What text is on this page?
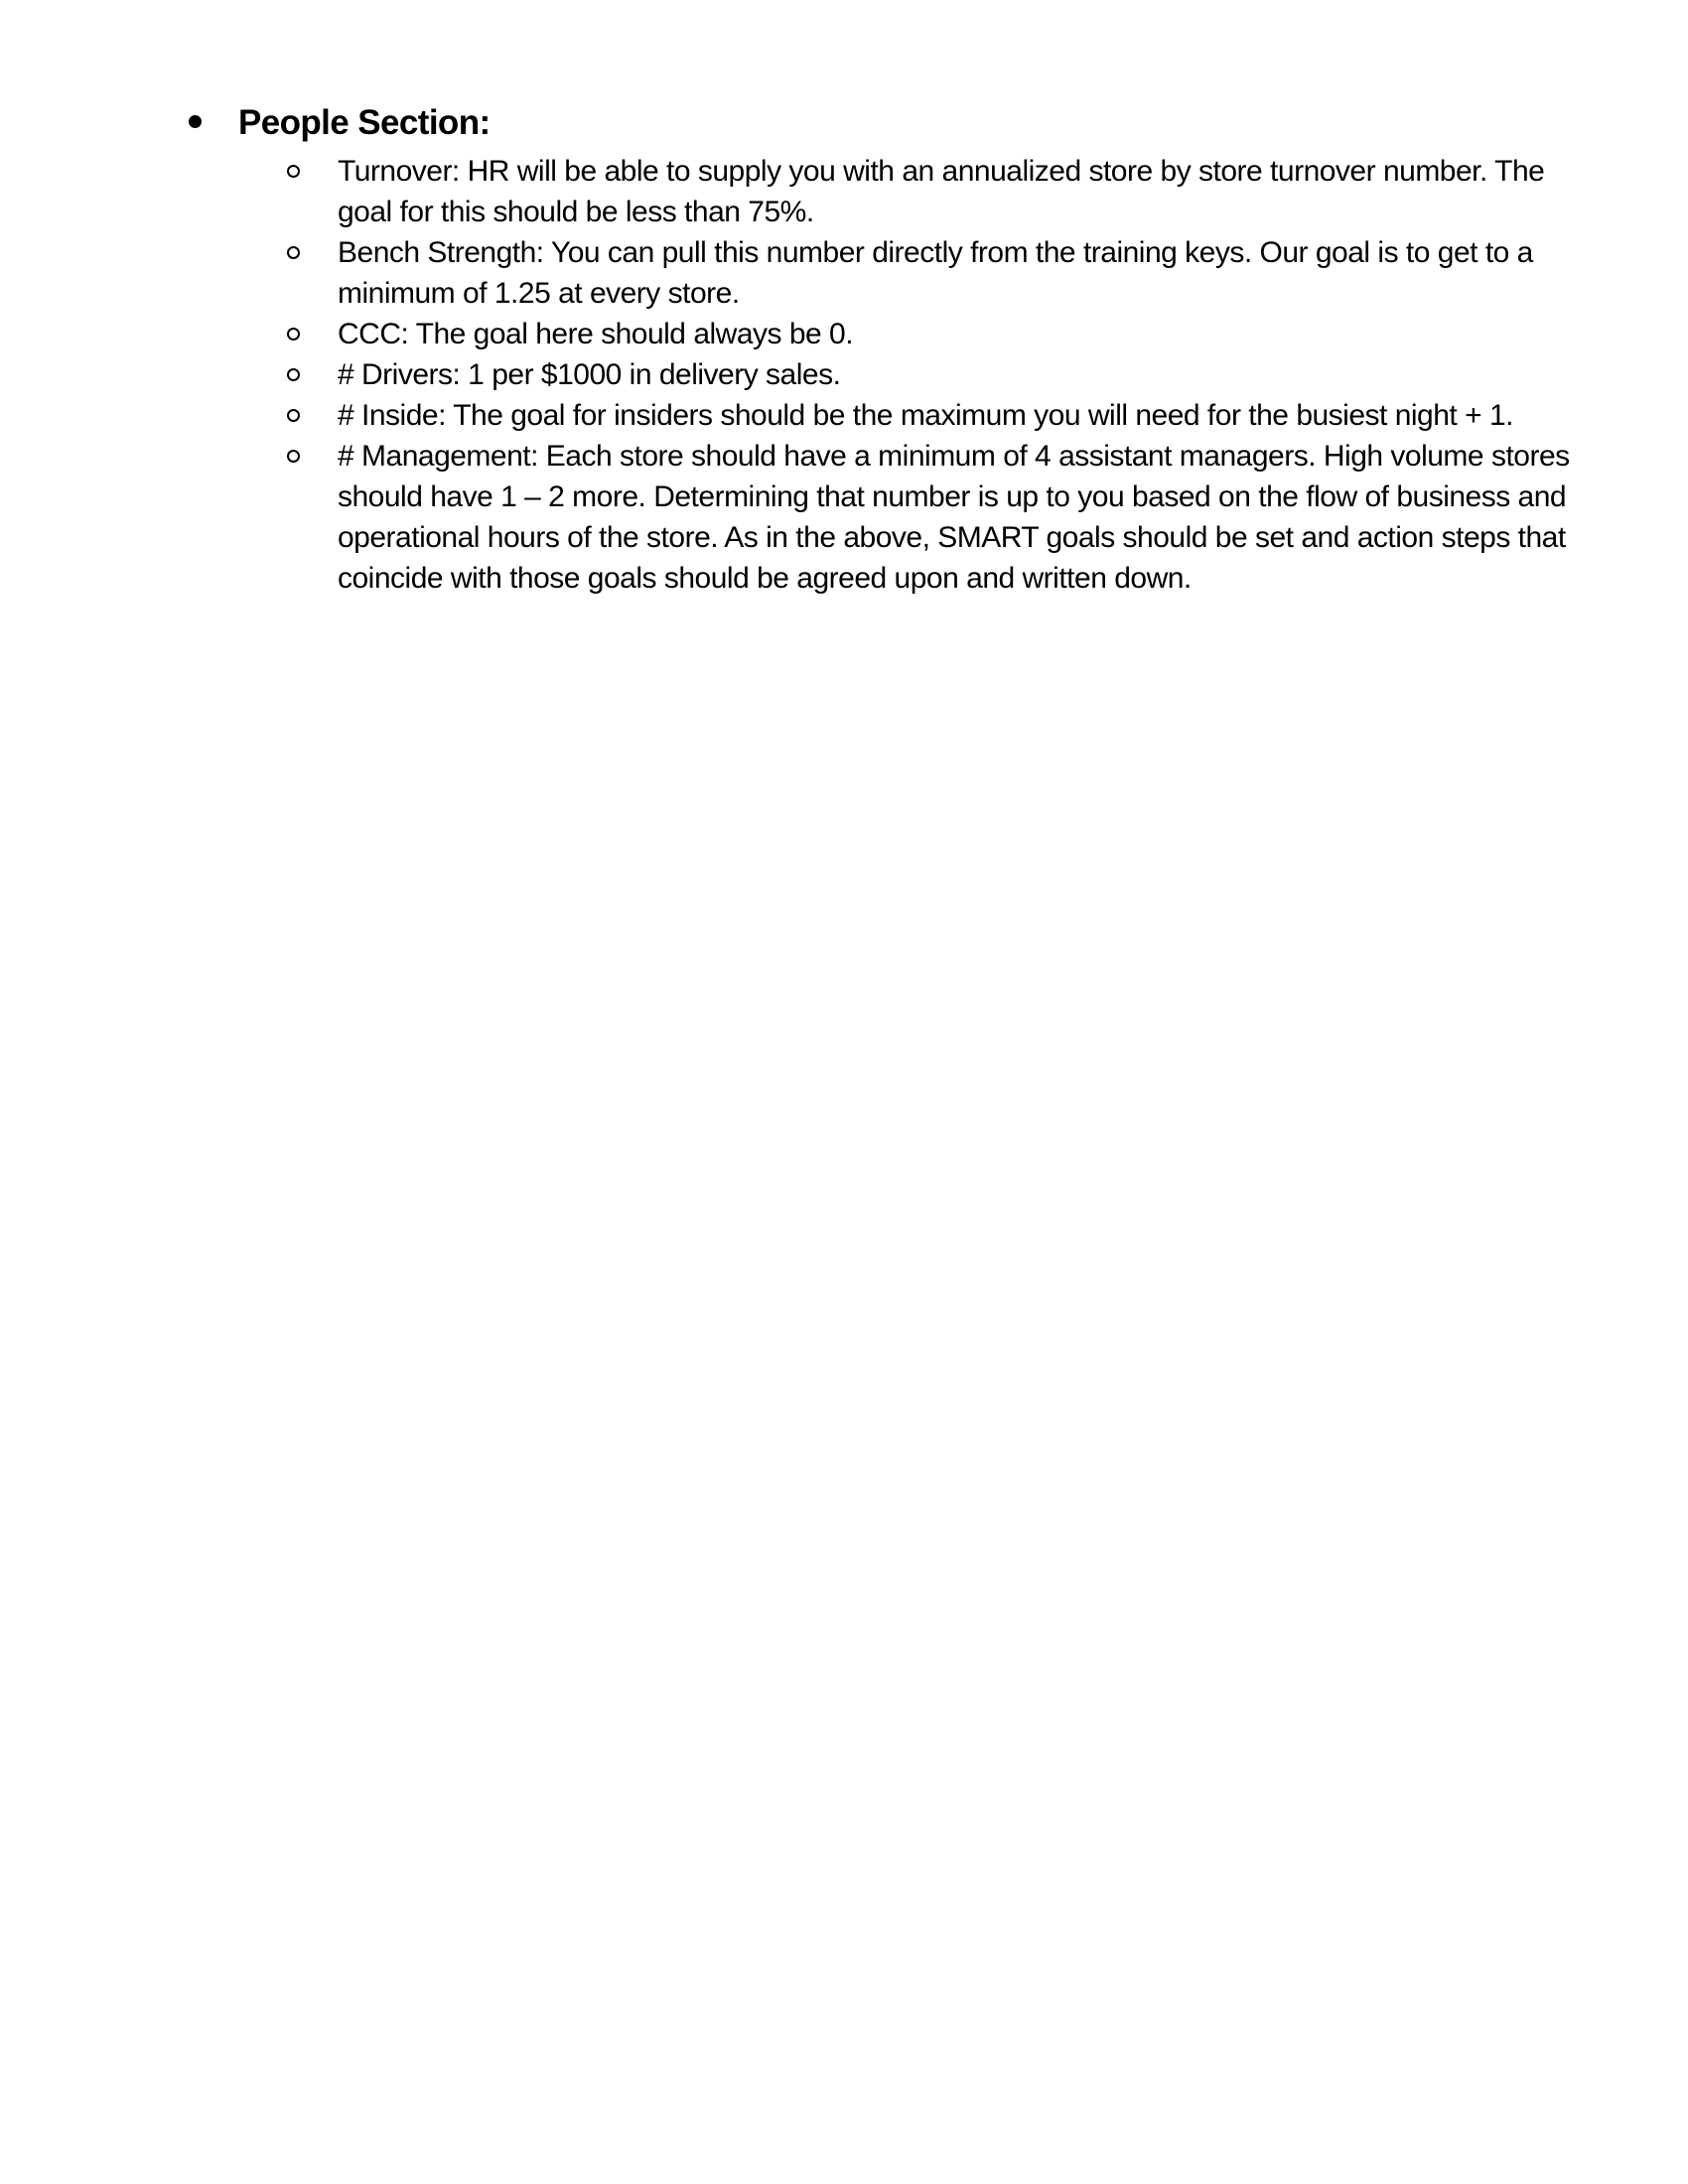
People Section:
Turnover: HR will be able to supply you with an annualized store by store turnover number. The goal for this should be less than 75%.
Bench Strength: You can pull this number directly from the training keys. Our goal is to get to a minimum of 1.25 at every store.
CCC: The goal here should always be 0.
# Drivers: 1 per $1000 in delivery sales.
# Inside: The goal for insiders should be the maximum you will need for the busiest night + 1.
# Management: Each store should have a minimum of 4 assistant managers. High volume stores should have 1 – 2 more. Determining that number is up to you based on the flow of business and operational hours of the store. As in the above, SMART goals should be set and action steps that coincide with those goals should be agreed upon and written down.
